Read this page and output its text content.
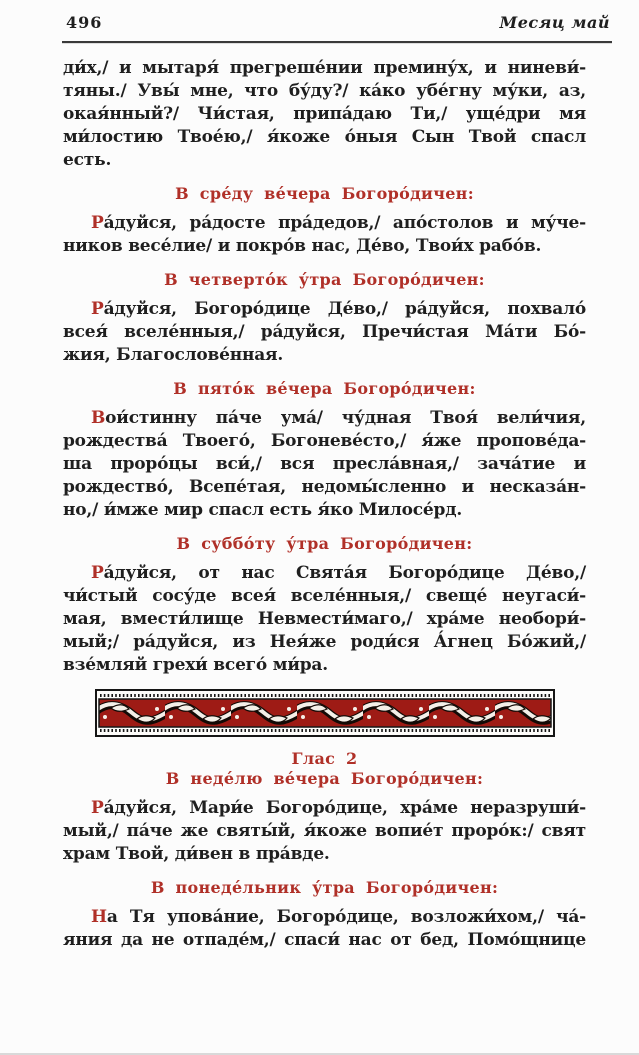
496	Месяц май
ди́х,/ и мытаря́ прегреше́нии премину́х, и ниневи́-
тяны./ Увы́ мне, что бу́ду?/ ка́ко убе́гну му́ки, аз,
окая́нный?/ Чи́стая, припа́даю Ти,/ уще́дри мя
ми́лостию Твое́ю,/ я́коже о́ныя Сын Твой спасл
есть.
В сре́ду ве́чера Богоро́дичен:
Ра́дуйся, ра́досте пра́дедов,/ апо́столов и му́че-
ников весе́лие/ и покро́в нас, Де́во, Твои́х рабо́в.
В четверто́к у́тра Богоро́дичен:
Ра́дуйся, Богоро́дице Де́во,/ ра́дуйся, похвало́
всея́ вселе́нныя,/ ра́дуйся, Пречи́стая Ма́ти Бо́-
жия, Благослове́нная.
В пято́к ве́чера Богоро́дичен:
Вои́стинну па́че ума́/ чу́дная Твоя́ вели́чия,
рождества́ Твоего́, Богоневе́сто,/ я́же пропове́да-
ша проро́цы вси́,/ вся пресла́вная,/ зача́тие и
рождество́, Всепе́тая, недомы́сленно и несказа́н-
но,/ и́мже мир спасл есть я́ко Милосе́рд.
В суббо́ту у́тра Богоро́дичен:
Ра́дуйся, от нас Свята́я Богоро́дице Де́во,/
чи́стый сосу́де всея́ вселе́нныя,/ свеще́ неугаси́-
мая, вмести́лище Невмести́маго,/ хра́ме необори́-
мый;/ ра́дуйся, из Нея́же роди́ся А́гнец Бо́жий,/
взе́мляй грехи́ всего́ ми́ра.
Глас 2
В неде́лю ве́чера Богоро́дичен:
Ра́дуйся, Мари́е Богоро́дице, хра́ме неразруши́-
мый,/ па́че же святы́й, я́коже вопие́т проро́к:/ свят
храм Твой, ди́вен в пра́вде.
В понеде́льник у́тра Богоро́дичен:
На Тя упова́ние, Богоро́дице, возложи́хом,/ ча́-
яния да не отпаде́м,/ спаси́ нас от бед, Помо́щнице
